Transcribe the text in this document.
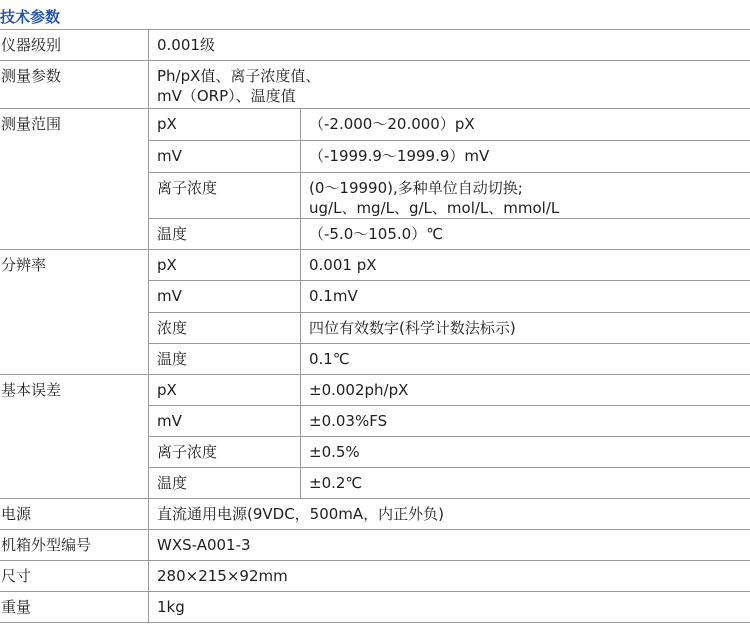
技术参数
仪器级别	0.001级	
测量参数	Ph/pX值、离子浓度值、
mV（ORP）、温度值	

测量范围	pX	（-2.000～20.000）pX
	mV	（-1999.9～1999.9）mV
	离子浓度	(0～19990),多种单位自动切换;
ug/L、mg/L、g/L、mol/L、mmol/L

	温度	（-5.0～105.0）℃
分辨率	pX	0.001 pX
	mV	0.1mV
	浓度	四位有效数字(科学计数法标示)
	温度	0.1℃
基本误差	pX	±0.002ph/pX
	mV	±0.03%FS
	离子浓度	±0.5%
	温度	±0.2℃
电源	直流通用电源(9VDC，500mA，内正外负)	
机箱外型编号	WXS-A001-3	
尺寸	280×215×92mm	
重量	1kg	
